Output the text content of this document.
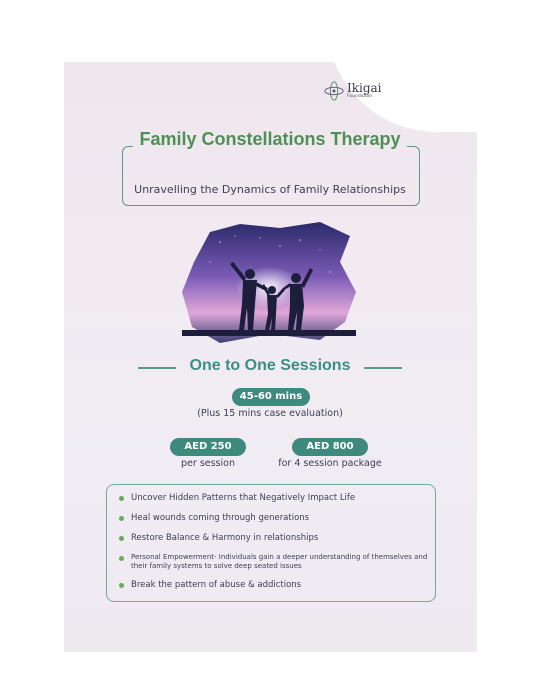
Ikigai
Foundation
Family Constellations Therapy
Unravelling the Dynamics of Family Relationships
One to One Sessions
45-60 mins
(Plus 15 mins case evaluation)
AED 250
per session
AED 800
for 4 session package
Uncover Hidden Patterns that Negatively Impact Life
Heal wounds coming through generations
Restore Balance & Harmony in relationships
Personal Empowerment- Individuals gain a deeper understanding of themselves and their family systems to solve deep seated issues
Break the pattern of abuse & addictions
